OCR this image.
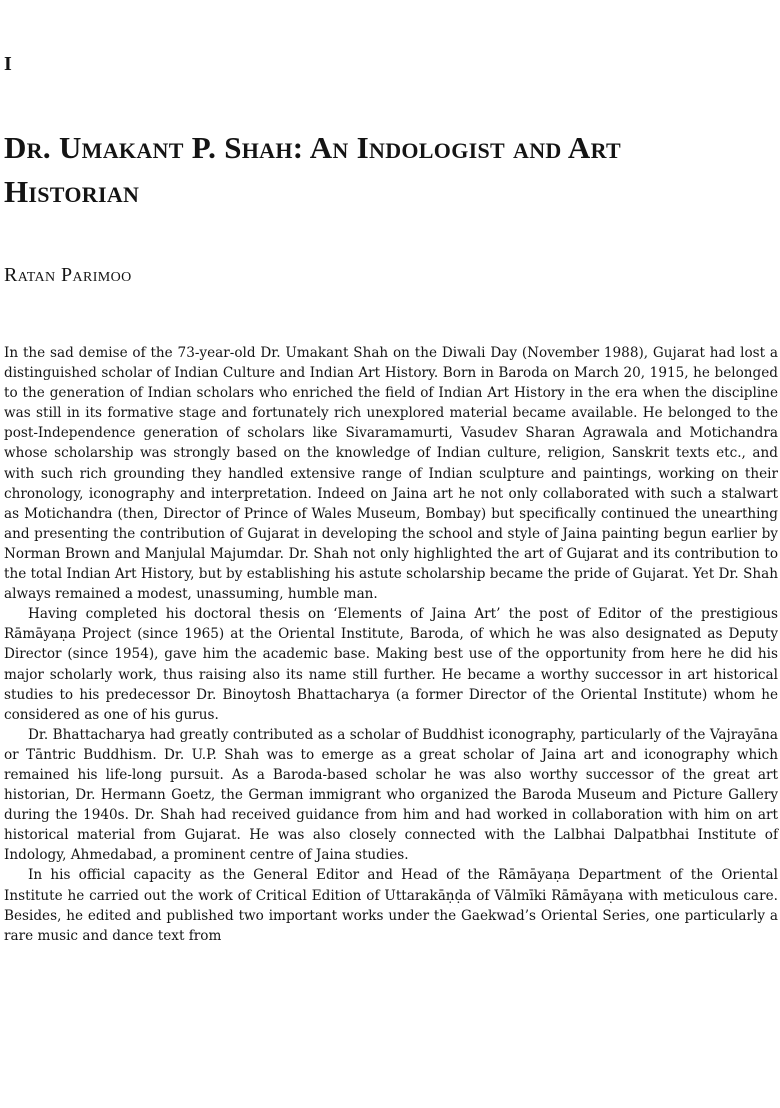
I
Dr. Umakant P. Shah: An Indologist and Art Historian
Ratan Parimoo

In the sad demise of the 73-year-old Dr. Umakant Shah on the Diwali Day (November 1988), Gujarat had lost a distinguished scholar of Indian Culture and Indian Art History. Born in Baroda on March 20, 1915, he belonged to the generation of Indian scholars who enriched the field of Indian Art History in the era when the discipline was still in its formative stage and fortunately rich unexplored material became available. He belonged to the post-Independence generation of scholars like Sivaramamurti, Vasudev Sharan Agrawala and Motichandra whose scholarship was strongly based on the knowledge of Indian culture, religion, Sanskrit texts etc., and with such rich grounding they handled extensive range of Indian sculpture and paintings, working on their chronology, iconography and interpretation. Indeed on Jaina art he not only collaborated with such a stalwart as Motichandra (then, Director of Prince of Wales Museum, Bombay) but specifically continued the unearthing and presenting the contribution of Gujarat in developing the school and style of Jaina painting begun earlier by Norman Brown and Manjulal Majumdar. Dr. Shah not only highlighted the art of Gujarat and its contribution to the total Indian Art History, but by establishing his astute scholarship became the pride of Gujarat. Yet Dr. Shah always remained a modest, unassuming, humble man.

Having completed his doctoral thesis on ‘Elements of Jaina Art’ the post of Editor of the prestigious Rāmāyaṇa Project (since 1965) at the Oriental Institute, Baroda, of which he was also designated as Deputy Director (since 1954), gave him the academic base. Making best use of the opportunity from here he did his major scholarly work, thus raising also its name still further. He became a worthy successor in art historical studies to his predecessor Dr. Binoytosh Bhattacharya (a former Director of the Oriental Institute) whom he considered as one of his gurus.

Dr. Bhattacharya had greatly contributed as a scholar of Buddhist iconography, particularly of the Vajrayāna or Tāntric Buddhism. Dr. U.P. Shah was to emerge as a great scholar of Jaina art and iconography which remained his life-long pursuit. As a Baroda-based scholar he was also worthy successor of the great art historian, Dr. Hermann Goetz, the German immigrant who organized the Baroda Museum and Picture Gallery during the 1940s. Dr. Shah had received guidance from him and had worked in collaboration with him on art historical material from Gujarat. He was also closely connected with the Lalbhai Dalpatbhai Institute of Indology, Ahmedabad, a prominent centre of Jaina studies.

In his official capacity as the General Editor and Head of the Rāmāyaṇa Department of the Oriental Institute he carried out the work of Critical Edition of Uttarakāṇḍa of Vālmīki Rāmāyaṇa with meticulous care. Besides, he edited and published two important works under the Gaekwad’s Oriental Series, one particularly a rare music and dance text from
